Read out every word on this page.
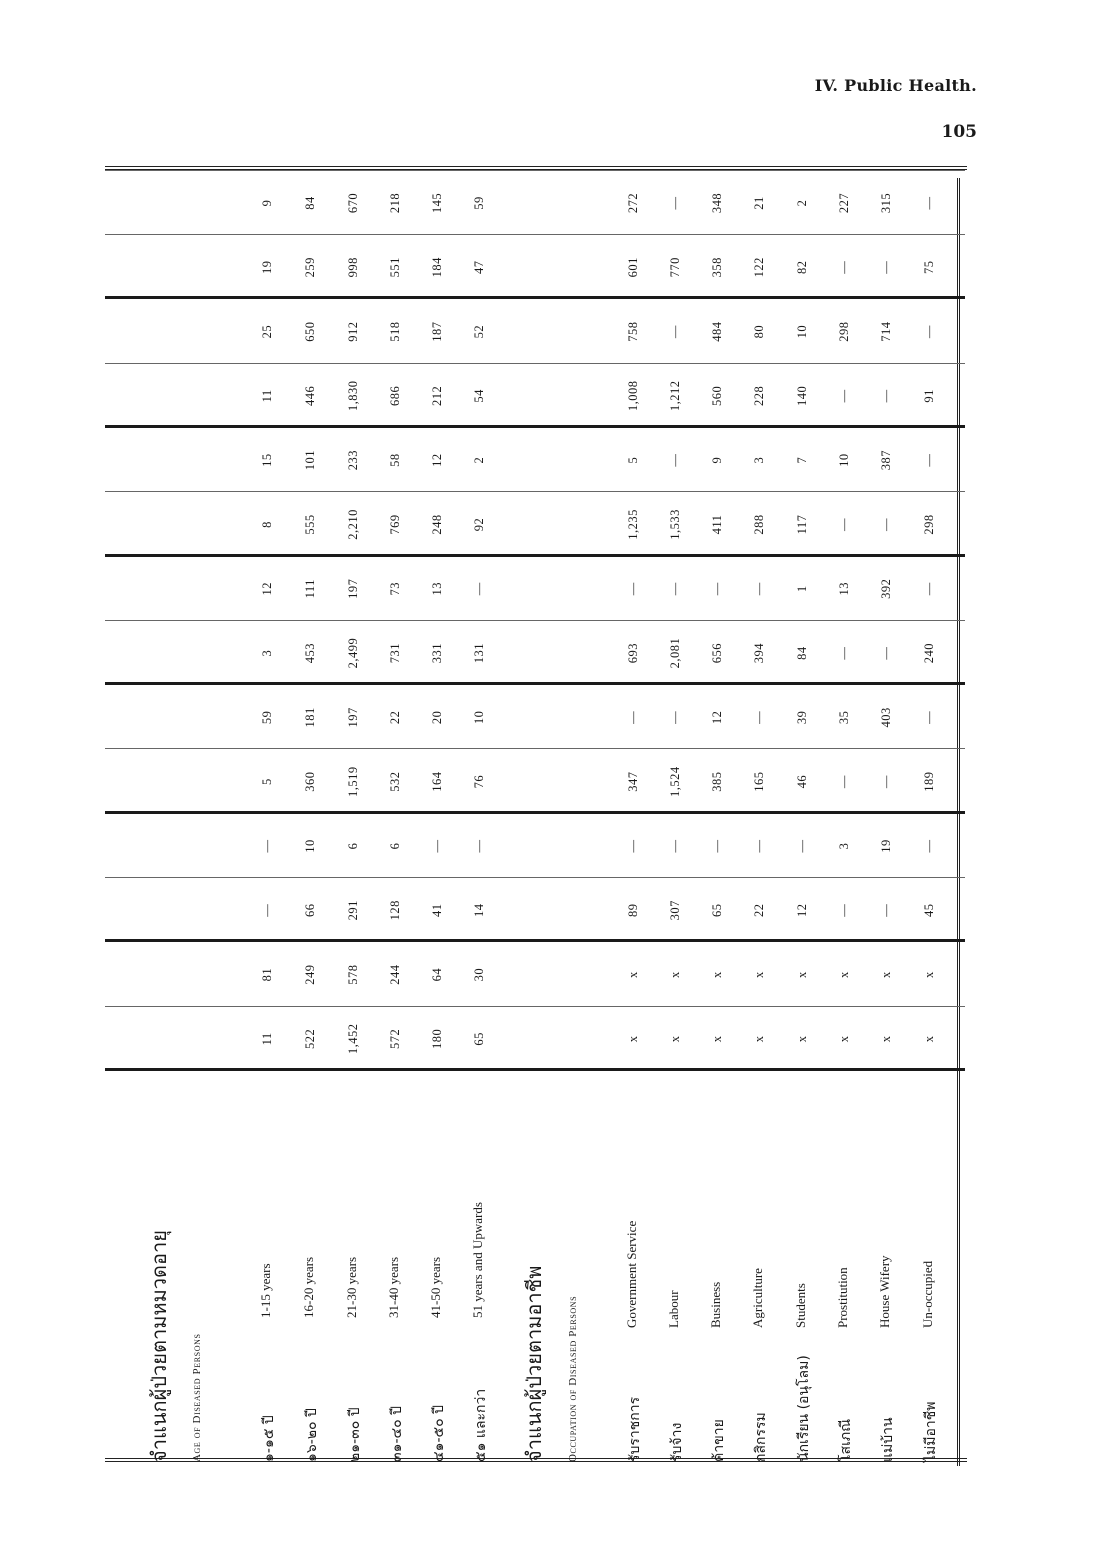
IV. Public Health.
105
จำแนกผู้ป่วยตามหมวดอายุ	Age of Diseased Persons	จำแนกผู้ป่วยตามอาชีพ	Occupation of Diseased Persons
๑-๑๕ ปี
1-15 years
๑๖-๒๐ ปี
16-20 years
๒๑-๓๐ ปี
21-30 years
๓๑-๔๐ ปี
31-40 years
๔๑-๕๐ ปี
41-50 years
๕๑ และกว่า
51 years and Upwards
รับราชการ
Government Service
รับจ้าง
Labour
ค้าขาย
Business
กสิกรรม
Agriculture
นักเรียน (อนุโลม)
Students
โสเภณี
Prostitution
แม่บ้าน
House Wifery
ไม่มีอาชีพ
Un-occupied
11 522 1,452 572 180 65	x x x x x x x x
81 249 578 244 64 30	x x x x x x x x
— 66 291 128 41 14	89 307 65 22 12 — — 45
— 10 6 6 — —	— — — — — 3 19 —
5 360 1,519 532 164 76	347 1,524 385 165 46 — — 189
59 181 197 22 20 10	— — 12 — 39 35 403 —
3 453 2,499 731 331 131	693 2,081 656 394 84 — — 240
12 111 197 73 13 —	— — — — 1 13 392 —
8 555 2,210 769 248 92	1,235 1,533 411 288 117 — — 298
15 101 233 58 12 2	5 — 9 3 7 10 387 —
11 446 1,830 686 212 54	1,008 1,212 560 228 140 — — 91
25 650 912 518 187 52	758 — 484 80 10 298 714 —
19 259 998 551 184 47	601 770 358 122 82 — — 75
9 84 670 218 145 59	272 — 348 21 2 227 315 —
